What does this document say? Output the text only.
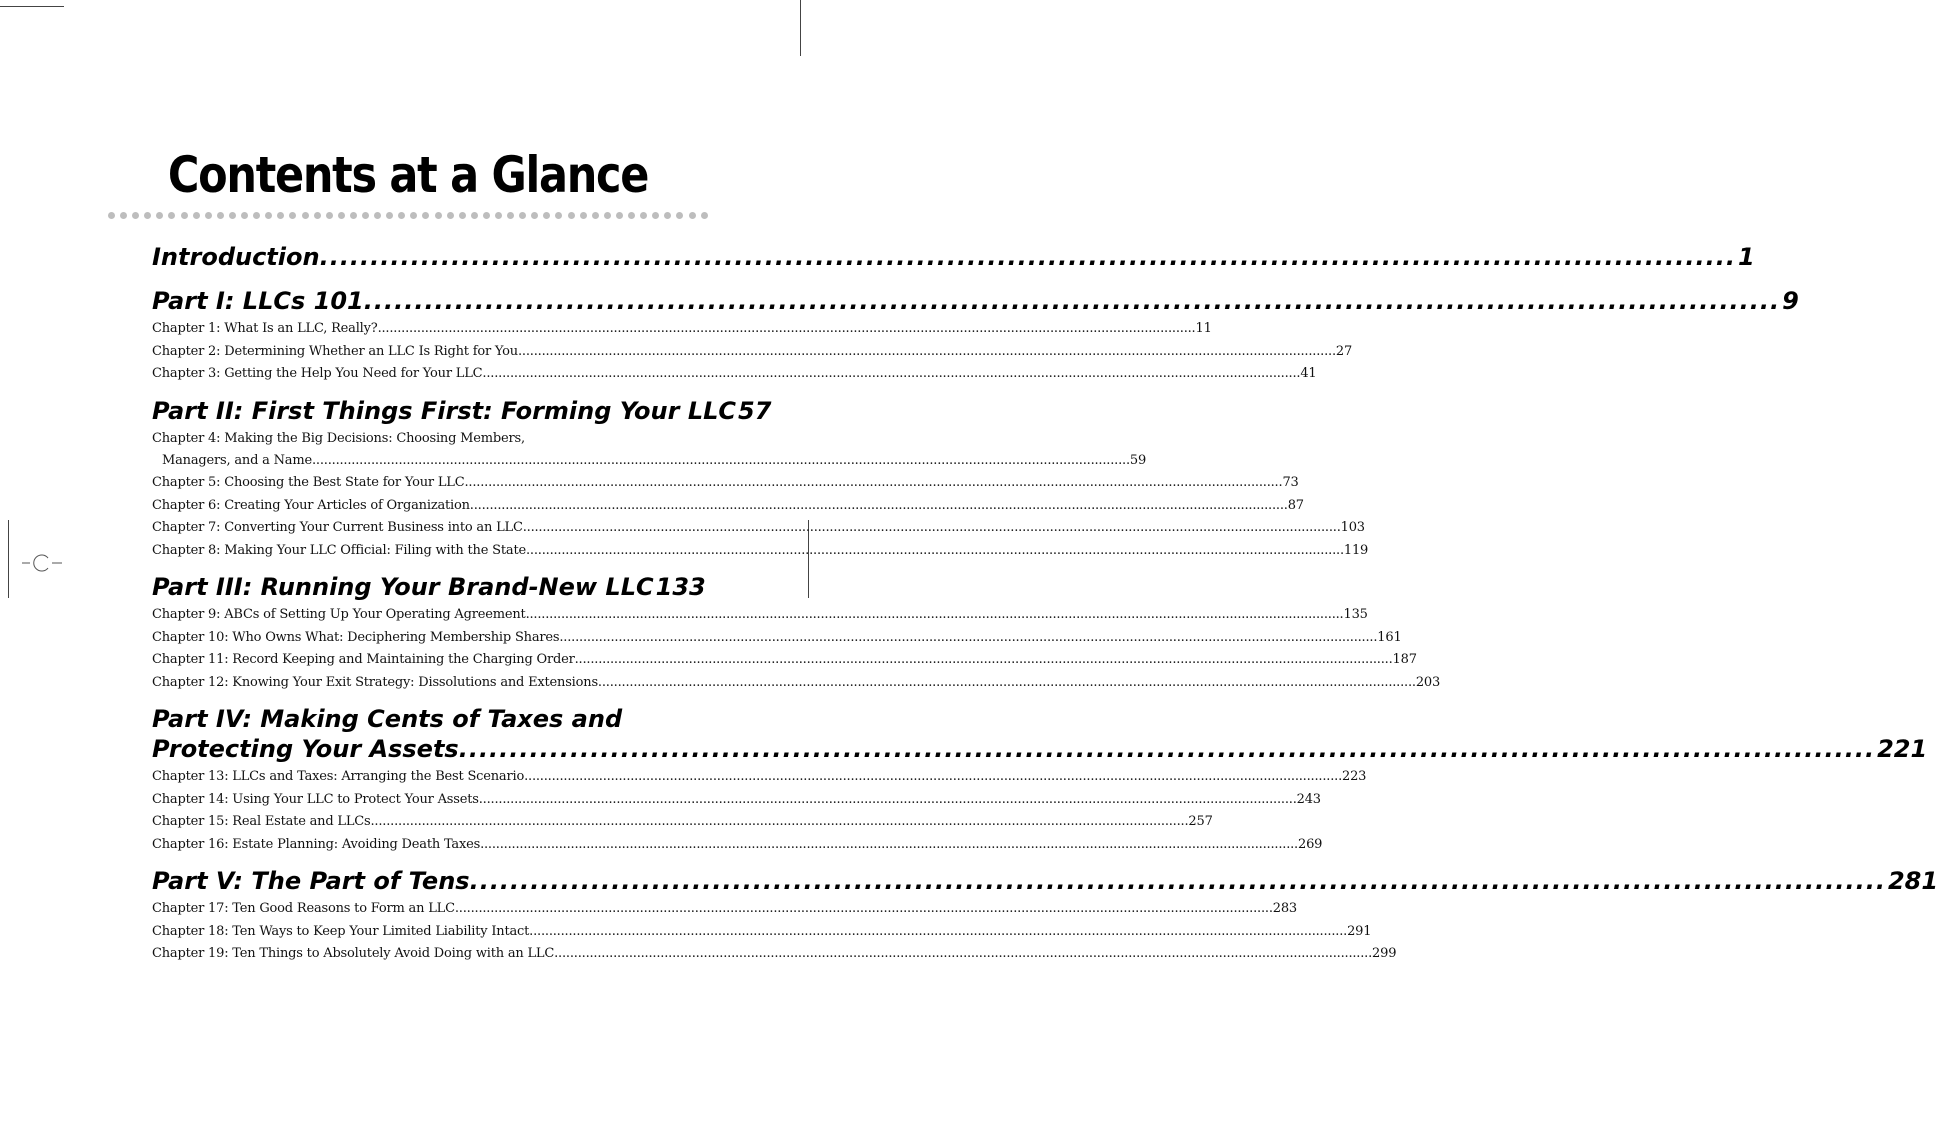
Contents at a Glance
Introduction .....	1
Part I: LLCs 101 .....	9
Chapter 1: What Is an LLC, Really? .....	11
Chapter 2: Determining Whether an LLC Is Right for You .....	27
Chapter 3: Getting the Help You Need for Your LLC .....	41
Part II: First Things First: Forming Your LLC 57
Chapter 4: Making the Big Decisions: Choosing Members,
Managers, and a Name .....	59
Chapter 5: Choosing the Best State for Your LLC .....	73
Chapter 6: Creating Your Articles of Organization .....	87
Chapter 7: Converting Your Current Business into an LLC .....	103
Chapter 8: Making Your LLC Official: Filing with the State .....	119
Part III: Running Your Brand-New LLC 133
Chapter 9: ABCs of Setting Up Your Operating Agreement .....	135
Chapter 10: Who Owns What: Deciphering Membership Shares .....	161
Chapter 11: Record Keeping and Maintaining the Charging Order .....	187
Chapter 12: Knowing Your Exit Strategy: Dissolutions and Extensions .....	203
Part IV: Making Cents of Taxes and
Protecting Your Assets .....	221
Chapter 13: LLCs and Taxes: Arranging the Best Scenario .....	223
Chapter 14: Using Your LLC to Protect Your Assets .....	243
Chapter 15: Real Estate and LLCs .....	257
Chapter 16: Estate Planning: Avoiding Death Taxes .....	269
Part V: The Part of Tens .....	281
Chapter 17: Ten Good Reasons to Form an LLC .....	283
Chapter 18: Ten Ways to Keep Your Limited Liability Intact .....	291
Chapter 19: Ten Things to Absolutely Avoid Doing with an LLC .....	299
